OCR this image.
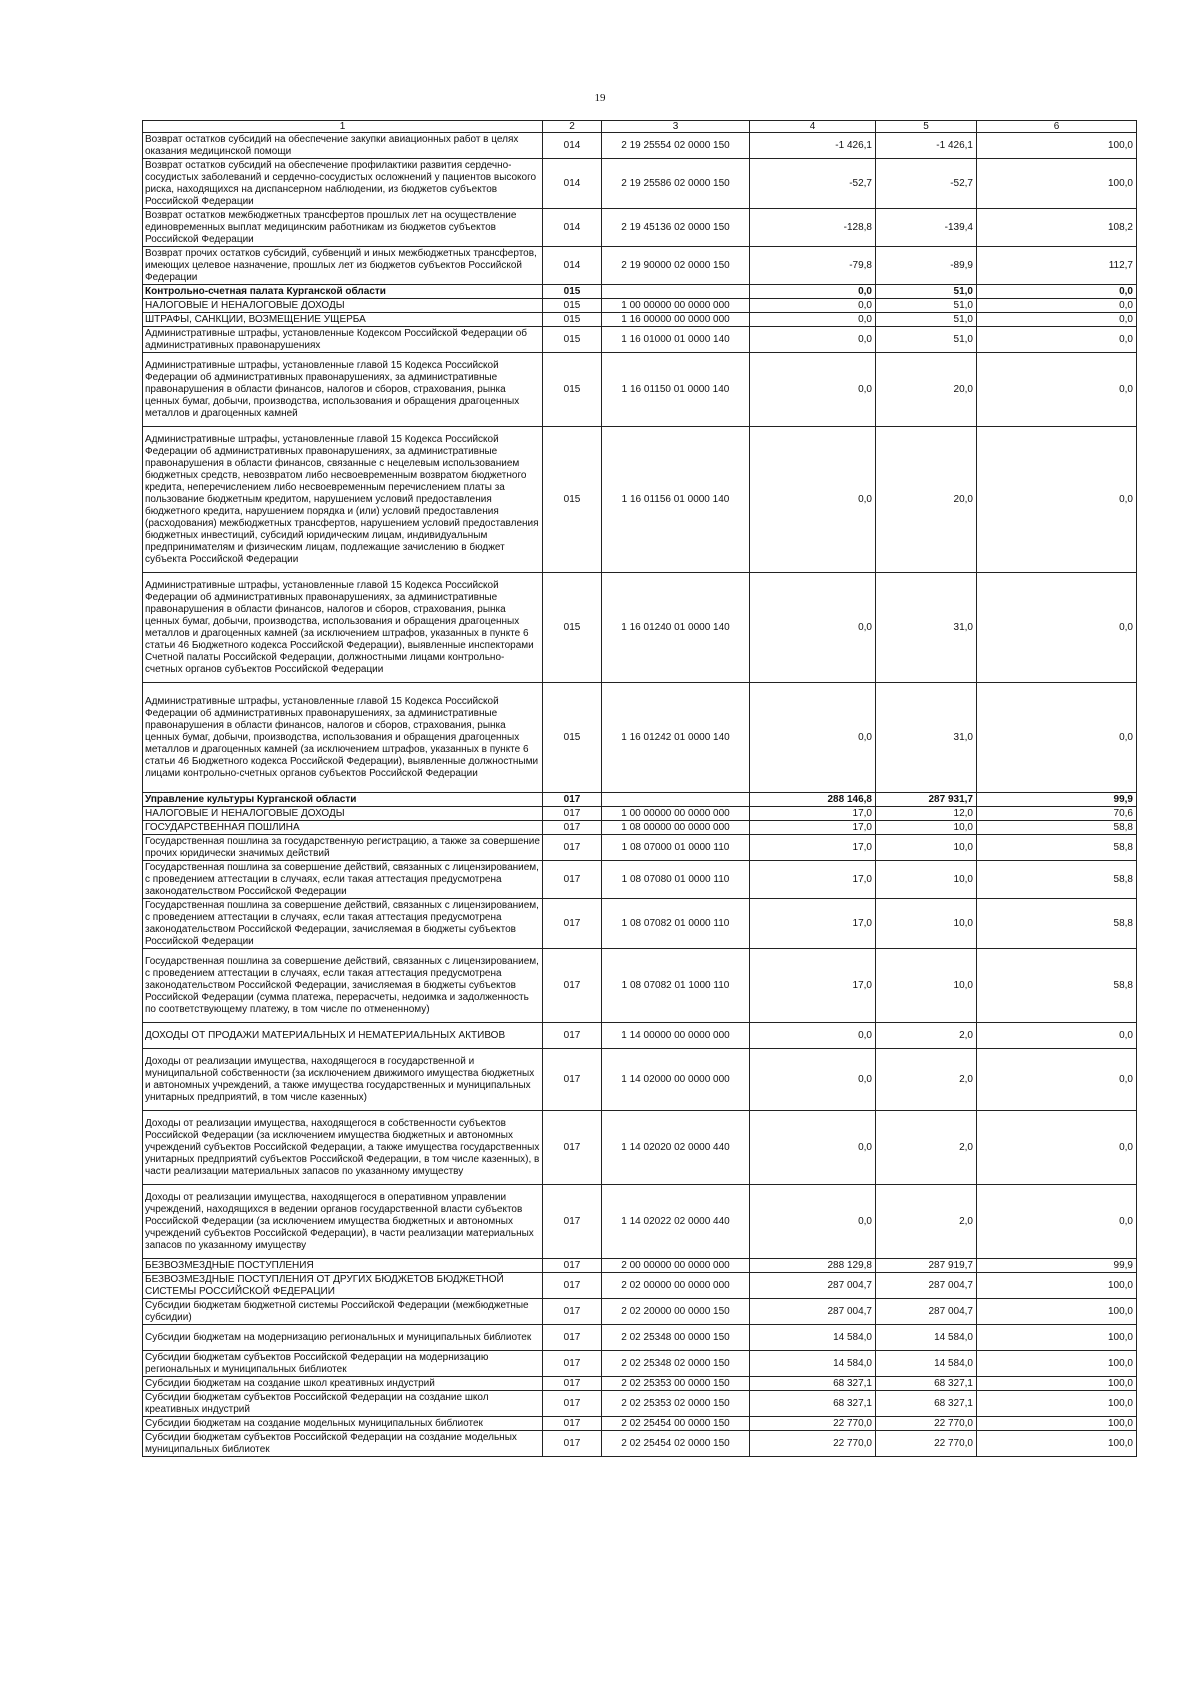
19
1	2	3	4	5	6
Возврат остатков субсидий на обеспечение закупки авиационных работ в целях оказания медицинской помощи	014	2 19 25554 02 0000 150	-1 426,1	-1 426,1	100,0
Возврат остатков субсидий на обеспечение профилактики развития сердечно-сосудистых заболеваний и сердечно-сосудистых осложнений у пациентов высокого риска, находящихся на диспансерном наблюдении, из бюджетов субъектов Российской Федерации	014	2 19 25586 02 0000 150	-52,7	-52,7	100,0
Возврат остатков межбюджетных трансфертов прошлых лет на осуществление единовременных выплат медицинским работникам из бюджетов субъектов Российской Федерации	014	2 19 45136 02 0000 150	-128,8	-139,4	108,2
Возврат прочих остатков субсидий, субвенций и иных межбюджетных трансфертов, имеющих целевое назначение, прошлых лет из бюджетов субъектов Российской Федерации	014	2 19 90000 02 0000 150	-79,8	-89,9	112,7
Контрольно-счетная палата Курганской области	015		0,0	51,0	0,0
НАЛОГОВЫЕ И НЕНАЛОГОВЫЕ ДОХОДЫ	015	1 00 00000 00 0000 000	0,0	51,0	0,0
ШТРАФЫ, САНКЦИИ, ВОЗМЕЩЕНИЕ УЩЕРБА	015	1 16 00000 00 0000 000	0,0	51,0	0,0
Административные штрафы, установленные Кодексом Российской Федерации об административных правонарушениях	015	1 16 01000 01 0000 140	0,0	51,0	0,0
Административные штрафы, установленные главой 15 Кодекса Российской Федерации об административных правонарушениях, за административные правонарушения в области финансов, налогов и сборов, страхования, рынка ценных бумаг, добычи, производства, использования и обращения драгоценных металлов и драгоценных камней	015	1 16 01150 01 0000 140	0,0	20,0	0,0
Административные штрафы, установленные главой 15 Кодекса Российской Федерации об административных правонарушениях, за административные правонарушения в области финансов, связанные с нецелевым использованием бюджетных средств, невозвратом либо несвоевременным возвратом бюджетного кредита, неперечислением либо несвоевременным перечислением платы за пользование бюджетным кредитом, нарушением условий предоставления бюджетного кредита, нарушением порядка и (или) условий предоставления (расходования) межбюджетных трансфертов, нарушением условий предоставления бюджетных инвестиций, субсидий юридическим лицам, индивидуальным предпринимателям и физическим лицам, подлежащие зачислению в бюджет субъекта Российской Федерации	015	1 16 01156 01 0000 140	0,0	20,0	0,0
Административные штрафы, установленные главой 15 Кодекса Российской Федерации об административных правонарушениях, за административные правонарушения в области финансов, налогов и сборов, страхования, рынка ценных бумаг, добычи, производства, использования и обращения драгоценных металлов и драгоценных камней (за исключением штрафов, указанных в пункте 6 статьи 46 Бюджетного кодекса Российской Федерации), выявленные инспекторами Счетной палаты Российской Федерации, должностными лицами контрольно-счетных органов субъектов Российской Федерации	015	1 16 01240 01 0000 140	0,0	31,0	0,0
Административные штрафы, установленные главой 15 Кодекса Российской Федерации об административных правонарушениях, за административные правонарушения в области финансов, налогов и сборов, страхования, рынка ценных бумаг, добычи, производства, использования и обращения драгоценных металлов и драгоценных камней (за исключением штрафов, указанных в пункте 6 статьи 46 Бюджетного кодекса Российской Федерации), выявленные должностными лицами контрольно-счетных органов субъектов Российской Федерации	015	1 16 01242 01 0000 140	0,0	31,0	0,0
Управление культуры Курганской области	017		288 146,8	287 931,7	99,9
НАЛОГОВЫЕ И НЕНАЛОГОВЫЕ ДОХОДЫ	017	1 00 00000 00 0000 000	17,0	12,0	70,6
ГОСУДАРСТВЕННАЯ ПОШЛИНА	017	1 08 00000 00 0000 000	17,0	10,0	58,8
Государственная пошлина за государственную регистрацию, а также за совершение прочих юридически значимых действий	017	1 08 07000 01 0000 110	17,0	10,0	58,8
Государственная пошлина за совершение действий, связанных с лицензированием, с проведением аттестации в случаях, если такая аттестация предусмотрена законодательством Российской Федерации	017	1 08 07080 01 0000 110	17,0	10,0	58,8
Государственная пошлина за совершение действий, связанных с лицензированием, с проведением аттестации в случаях, если такая аттестация предусмотрена законодательством Российской Федерации, зачисляемая в бюджеты субъектов Российской Федерации	017	1 08 07082 01 0000 110	17,0	10,0	58,8
Государственная пошлина за совершение действий, связанных с лицензированием, с проведением аттестации в случаях, если такая аттестация предусмотрена законодательством Российской Федерации, зачисляемая в бюджеты субъектов Российской Федерации (сумма платежа, перерасчеты, недоимка и задолженность по соответствующему платежу, в том числе по отмененному)	017	1 08 07082 01 1000 110	17,0	10,0	58,8
ДОХОДЫ ОТ ПРОДАЖИ МАТЕРИАЛЬНЫХ И НЕМАТЕРИАЛЬНЫХ АКТИВОВ	017	1 14 00000 00 0000 000	0,0	2,0	0,0
Доходы от реализации имущества, находящегося в государственной и муниципальной собственности (за исключением движимого имущества бюджетных и автономных учреждений, а также имущества государственных и муниципальных унитарных предприятий, в том числе казенных)	017	1 14 02000 00 0000 000	0,0	2,0	0,0
Доходы от реализации имущества, находящегося в собственности субъектов Российской Федерации (за исключением имущества бюджетных и автономных учреждений субъектов Российской Федерации, а также имущества государственных унитарных предприятий субъектов Российской Федерации, в том числе казенных), в части реализации материальных запасов по указанному имуществу	017	1 14 02020 02 0000 440	0,0	2,0	0,0
Доходы от реализации имущества, находящегося в оперативном управлении учреждений, находящихся в ведении органов государственной власти субъектов Российской Федерации (за исключением имущества бюджетных и автономных учреждений субъектов Российской Федерации), в части реализации материальных запасов по указанному имуществу	017	1 14 02022 02 0000 440	0,0	2,0	0,0
БЕЗВОЗМЕЗДНЫЕ ПОСТУПЛЕНИЯ	017	2 00 00000 00 0000 000	288 129,8	287 919,7	99,9
БЕЗВОЗМЕЗДНЫЕ ПОСТУПЛЕНИЯ ОТ ДРУГИХ БЮДЖЕТОВ БЮДЖЕТНОЙ СИСТЕМЫ РОССИЙСКОЙ ФЕДЕРАЦИИ	017	2 02 00000 00 0000 000	287 004,7	287 004,7	100,0
Субсидии бюджетам бюджетной системы Российской Федерации (межбюджетные субсидии)	017	2 02 20000 00 0000 150	287 004,7	287 004,7	100,0
Субсидии бюджетам на модернизацию региональных и муниципальных библиотек	017	2 02 25348 00 0000 150	14 584,0	14 584,0	100,0
Субсидии бюджетам субъектов Российской Федерации на модернизацию региональных и муниципальных библиотек	017	2 02 25348 02 0000 150	14 584,0	14 584,0	100,0
Субсидии бюджетам на создание школ креативных индустрий	017	2 02 25353 00 0000 150	68 327,1	68 327,1	100,0
Субсидии бюджетам субъектов Российской Федерации на создание школ креативных индустрий	017	2 02 25353 02 0000 150	68 327,1	68 327,1	100,0
Субсидии бюджетам на создание модельных муниципальных библиотек	017	2 02 25454 00 0000 150	22 770,0	22 770,0	100,0
Субсидии бюджетам субъектов Российской Федерации на создание модельных муниципальных библиотек	017	2 02 25454 02 0000 150	22 770,0	22 770,0	100,0
